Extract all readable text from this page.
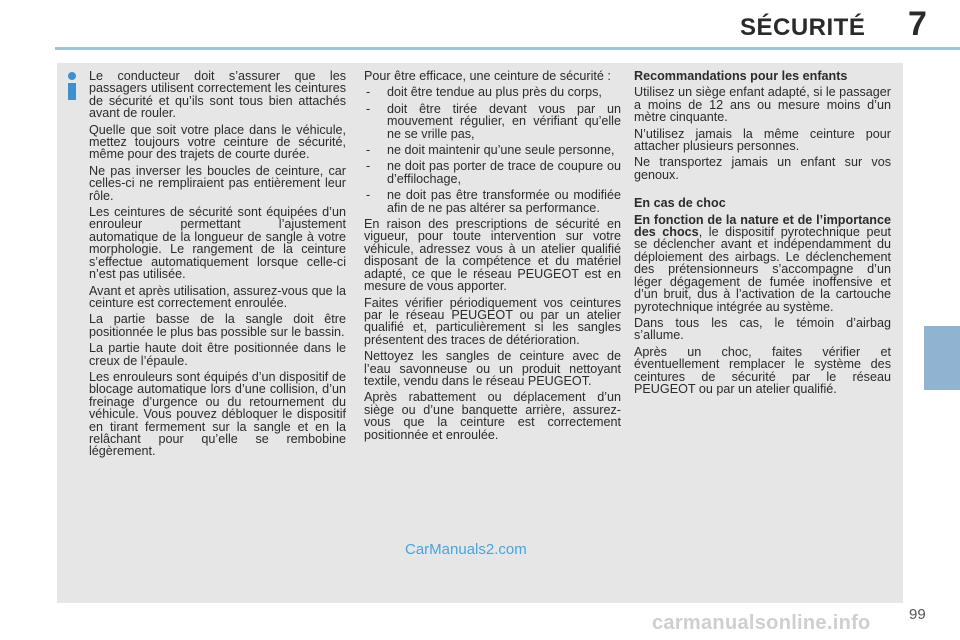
SÉCURITÉ 7

Le conducteur doit s’assurer que les passagers utilisent correctement les ceintures de sécurité et qu’ils sont tous bien attachés avant de rouler.

Quelle que soit votre place dans le véhicule, mettez toujours votre ceinture de sécurité, même pour des trajets de courte durée.

Ne pas inverser les boucles de ceinture, car celles-ci ne rempliraient pas entièrement leur rôle.

Les ceintures de sécurité sont équipées d’un enrouleur permettant l’ajustement automatique de la longueur de sangle à votre morphologie. Le rangement de la ceinture s’effectue automatiquement lorsque celle-ci n’est pas utilisée.

Avant et après utilisation, assurez-vous que la ceinture est correctement enroulée.

La partie basse de la sangle doit être positionnée le plus bas possible sur le bassin.

La partie haute doit être positionnée dans le creux de l’épaule.

Les enrouleurs sont équipés d’un dispositif de blocage automatique lors d’une collision, d’un freinage d’urgence ou du retournement du véhicule. Vous pouvez débloquer le dispositif en tirant fermement sur la sangle et en la relâchant pour qu’elle se rembobine légèrement.

Pour être efficace, une ceinture de sécurité :

- doit être tendue au plus près du corps,
- doit être tirée devant vous par un mouvement régulier, en vérifiant qu’elle ne se vrille pas,
- ne doit maintenir qu’une seule personne,
- ne doit pas porter de trace de coupure ou d’effilochage,
- ne doit pas être transformée ou modifiée afin de ne pas altérer sa performance.

En raison des prescriptions de sécurité en vigueur, pour toute intervention sur votre véhicule, adressez vous à un atelier qualifié disposant de la compétence et du matériel adapté, ce que le réseau PEUGEOT est en mesure de vous apporter.

Faites vérifier périodiquement vos ceintures par le réseau PEUGEOT ou par un atelier qualifié et, particulièrement si les sangles présentent des traces de détérioration.

Nettoyez les sangles de ceinture avec de l’eau savonneuse ou un produit nettoyant textile, vendu dans le réseau PEUGEOT.

Après rabattement ou déplacement d’un siège ou d’une banquette arrière, assurez-vous que la ceinture est correctement positionnée et enroulée.

Recommandations pour les enfants

Utilisez un siège enfant adapté, si le passager a moins de 12 ans ou mesure moins d’un mètre cinquante.

N’utilisez jamais la même ceinture pour attacher plusieurs personnes.

Ne transportez jamais un enfant sur vos genoux.

En cas de choc

En fonction de la nature et de l’importance des chocs, le dispositif pyrotechnique peut se déclencher avant et indépendamment du déploiement des airbags. Le déclenchement des prétensionneurs s’accompagne d’un léger dégagement de fumée inoffensive et d’un bruit, dus à l’activation de la cartouche pyrotechnique intégrée au système.

Dans tous les cas, le témoin d’airbag s’allume.

Après un choc, faites vérifier et éventuellement remplacer le système des ceintures de sécurité par le réseau PEUGEOT ou par un atelier qualifié.

CarManuals2.com
carmanualsonline.info	99
